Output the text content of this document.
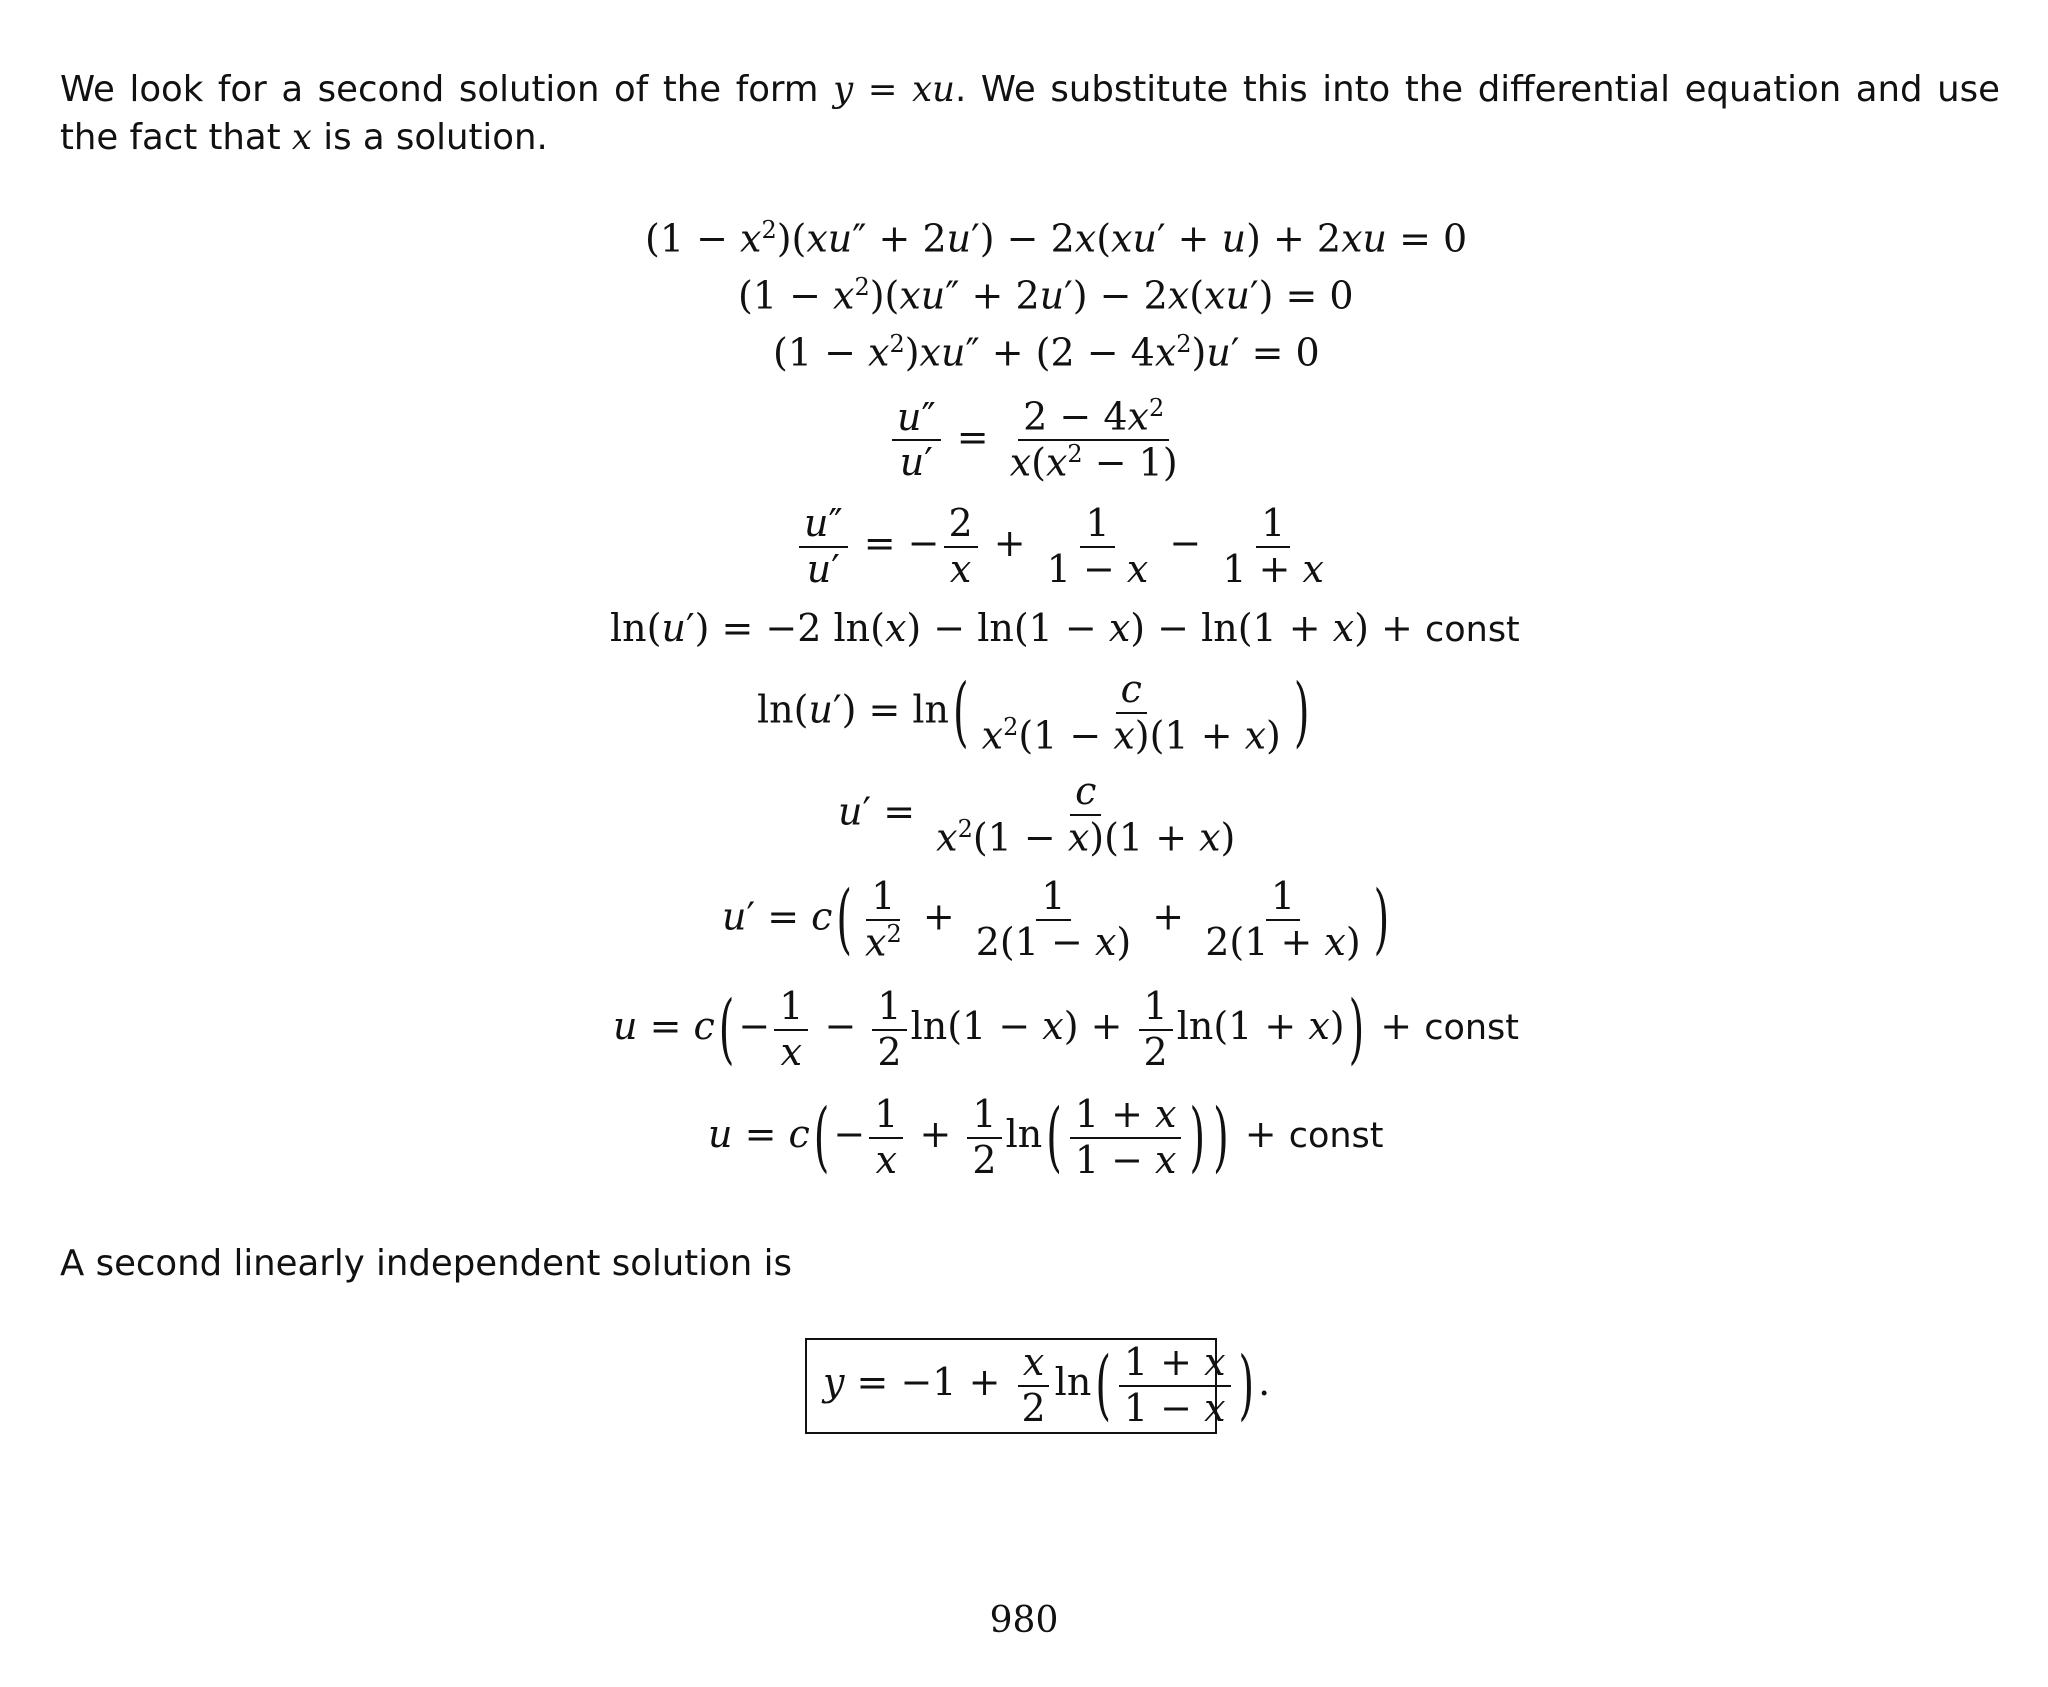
We look for a second solution of the form y = xu. We substitute this into the differential equation and use the fact that x is a solution.
$(1 - x^2)(xu'' + 2u') - 2x(xu' + u) + 2xu = 0$
$(1 - x^2)(xu'' + 2u') - 2x(xu') = 0$
$(1 - x^2)xu'' + (2 - 4x^2)u' = 0$
$\frac{u''}{u'} = \frac{2 - 4x^2}{x(x^2 - 1)}$
$\frac{u''}{u'}$ = − $\frac{2}{x} + \frac{1}{1 - x} - \frac{1}{1 + x}$
ln(u′) = −2 ln(x) − ln(1 − x) − ln(1 + x) + const
ln(u′) = ln ( $\frac{c}{x^2(1 - x)(1 + x)}$ )
$u' = \frac{c}{x^2(1 - x)(1 + x)}$
u′ = c ( $\frac{1}{x^2} + \frac{1}{2(1 - x)} + \frac{1}{2(1 + x)}$ )
u = c ( − $\frac{1}{x} - \frac{1}{2} \ln(1 - x) + \frac{1}{2} \ln(1 + x)$ ) + const
u = c ( − $\frac{1}{x} + \frac{1}{2}$ ln ( $\frac{1 + x}{1 - x}$ ) ) + const
A second linearly independent solution is
$y = -1 + \frac{x}{2}$ ln ( $\frac{1 + x}{1 - x}$ ) .
980
